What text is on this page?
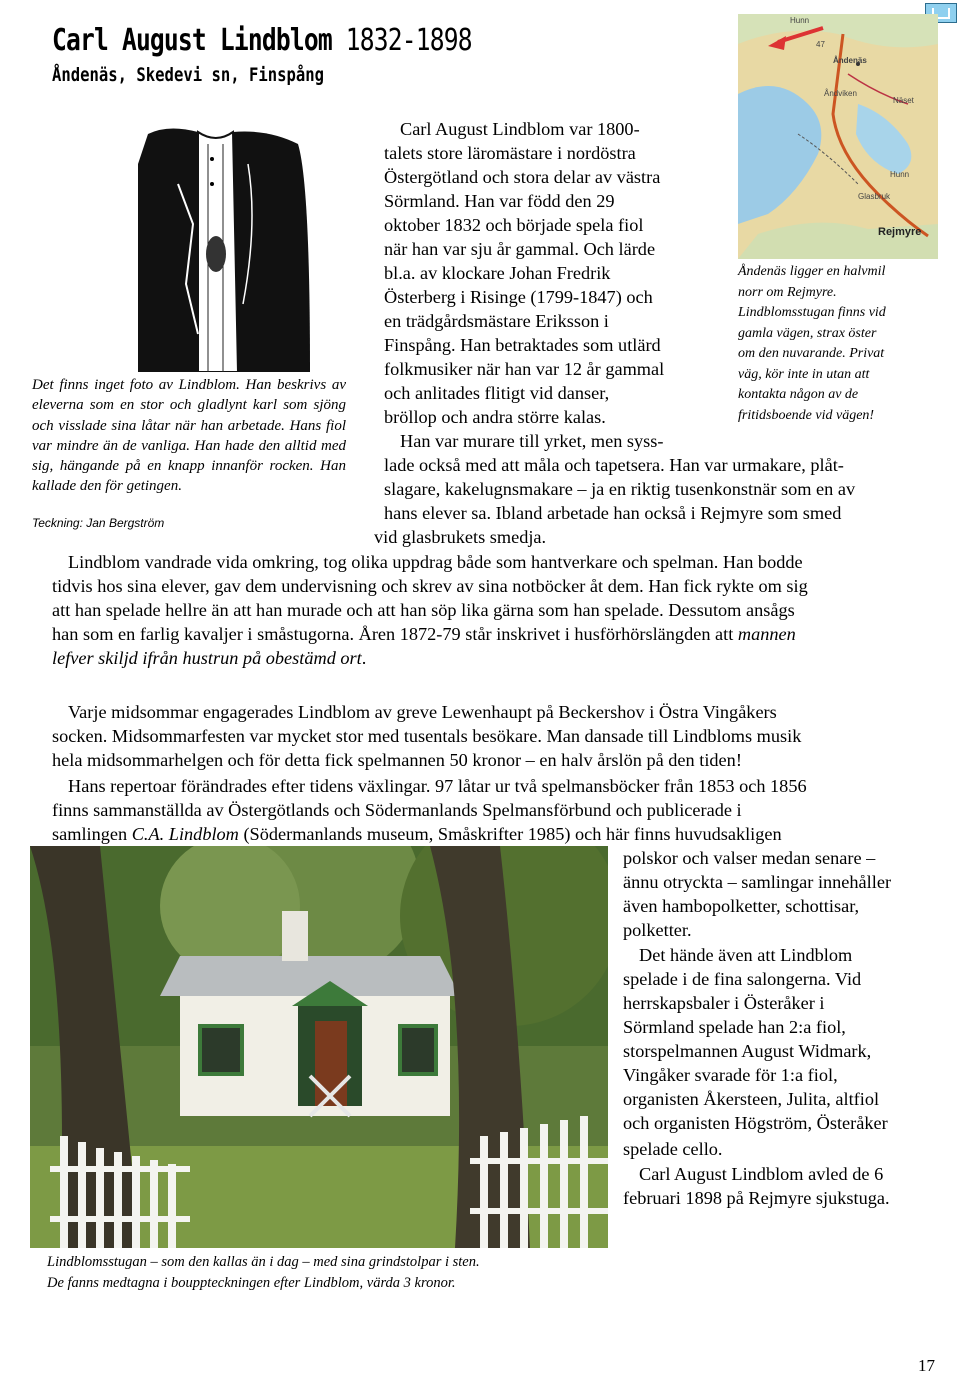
Carl August Lindblom 1832-1898
Åndenäs, Skedevi sn, Finspång
Hunn
47
Åndenäs
Åndviken
Näset
Glasbruk
Hunn
Rejmyre
Åndenäs ligger en halvmil
norr om Rejmyre.
Lindblomsstugan finns vid
gamla vägen, strax öster
om den nuvarande. Privat
väg, kör inte in utan att
kontakta någon av de
fritidsboende vid vägen!
Det finns inget foto av Lindblom. Han beskrivs av eleverna som en stor och gladlynt karl som sjöng och visslade sina låtar när han arbetade. Hans fiol var mindre än de vanliga. Han hade den alltid med sig, hängande på en knapp innanför rocken. Han kallade den för getingen.
Teckning: Jan Bergström
Carl August Lindblom var 1800-
talets store läromästare i nordöstra
Östergötland och stora delar av västra
Sörmland. Han var född den 29
oktober 1832 och började spela fiol
när han var sju år gammal. Och lärde
bl.a. av klockare Johan Fredrik
Österberg i Risinge (1799-1847) och
en trädgårdsmästare Eriksson i
Finspång. Han betraktades som utlärd
folkmusiker när han var 12 år gammal
och anlitades flitigt vid danser,
bröllop och andra större kalas.
Han var murare till yrket, men syss-
lade också med att måla och tapetsera. Han var urmakare, plåt-
slagare, kakelugnsmakare – ja en riktig tusenkonstnär som en av
hans elever sa. Ibland arbetade han också i Rejmyre som smed
vid glasbrukets smedja.
Lindblom vandrade vida omkring, tog olika uppdrag både som hantverkare och spelman. Han bodde
tidvis hos sina elever, gav dem undervisning och skrev av sina notböcker åt dem. Han fick rykte om sig
att han spelade hellre än att han murade och att han söp lika gärna som han spelade. Dessutom ansågs
han som en farlig kavaljer i småstugorna. Åren 1872-79 står inskrivet i husförhörslängden att mannen
lefver skiljd ifrån hustrun på obestämd ort.
Varje midsommar engagerades Lindblom av greve Lewenhaupt på Beckershov i Östra Vingåkers
socken. Midsommarfesten var mycket stor med tusentals besökare. Man dansade till Lindbloms musik
hela midsommarhelgen och för detta fick spelmannen 50 kronor – en halv årslön på den tiden!
Hans repertoar förändrades efter tidens växlingar. 97 låtar ur två spelmansböcker från 1853 och 1856
finns sammanställda av Östergötlands och Södermanlands Spelmansförbund och publicerade i
samlingen C.A. Lindblom (Södermanlands museum, Småskrifter 1985) och här finns huvudsakligen
polskor och valser medan senare –
ännu otryckta – samlingar innehåller
även hambopolketter, schottisar,
polketter.
Det hände även att Lindblom
spelade i de fina salongerna. Vid
herrskapsbaler i Österåker i
Sörmland spelade han 2:a fiol,
storspelmannen August Widmark,
Vingåker svarade för 1:a fiol,
organisten Åkersteen, Julita, altfiol
och organisten Högström, Österåker
spelade cello.
Carl August Lindblom avled de 6
februari 1898 på Rejmyre sjukstuga.
Lindblomsstugan – som den kallas än i dag – med sina grindstolpar i sten.
De fanns medtagna i bouppteckningen efter Lindblom, värda 3 kronor.
17
